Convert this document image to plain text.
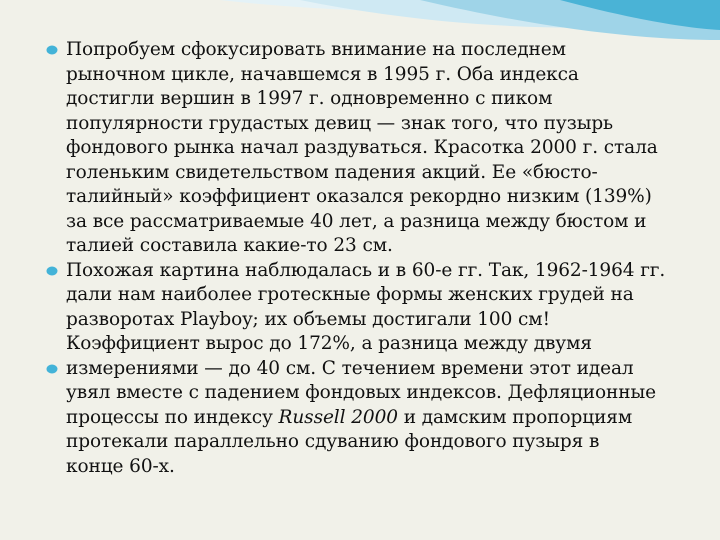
Попробуем сфокусировать внимание на последнем
рыночном цикле, начавшемся в 1995 г. Оба индекса
достигли вершин в 1997 г. одновременно с пиком
популярности грудастых девиц — знак того, что пузырь
фондового рынка начал раздуваться. Красотка 2000 г. стала
голеньким свидетельством падения акций. Ее «бюсто-
талийный» коэффициент оказался рекордно низким (139%)
за все рассматриваемые 40 лет, а разница между бюстом и
талией составила какие-то 23 см.
Похожая картина наблюдалась и в 60-е гг. Так, 1962-1964 гг.
дали нам наиболее гротескные формы женских грудей на
разворотах Playboy; их объемы достигали 100 см!
Коэффициент вырос до 172%, а разница между двумя
измерениями — до 40 см. С течением времени этот идеал
увял вместе с падением фондовых индексов. Дефляционные
процессы по индексу Russell 2000 и дамским пропорциям
протекали параллельно сдуванию фондового пузыря в
конце 60-х.
